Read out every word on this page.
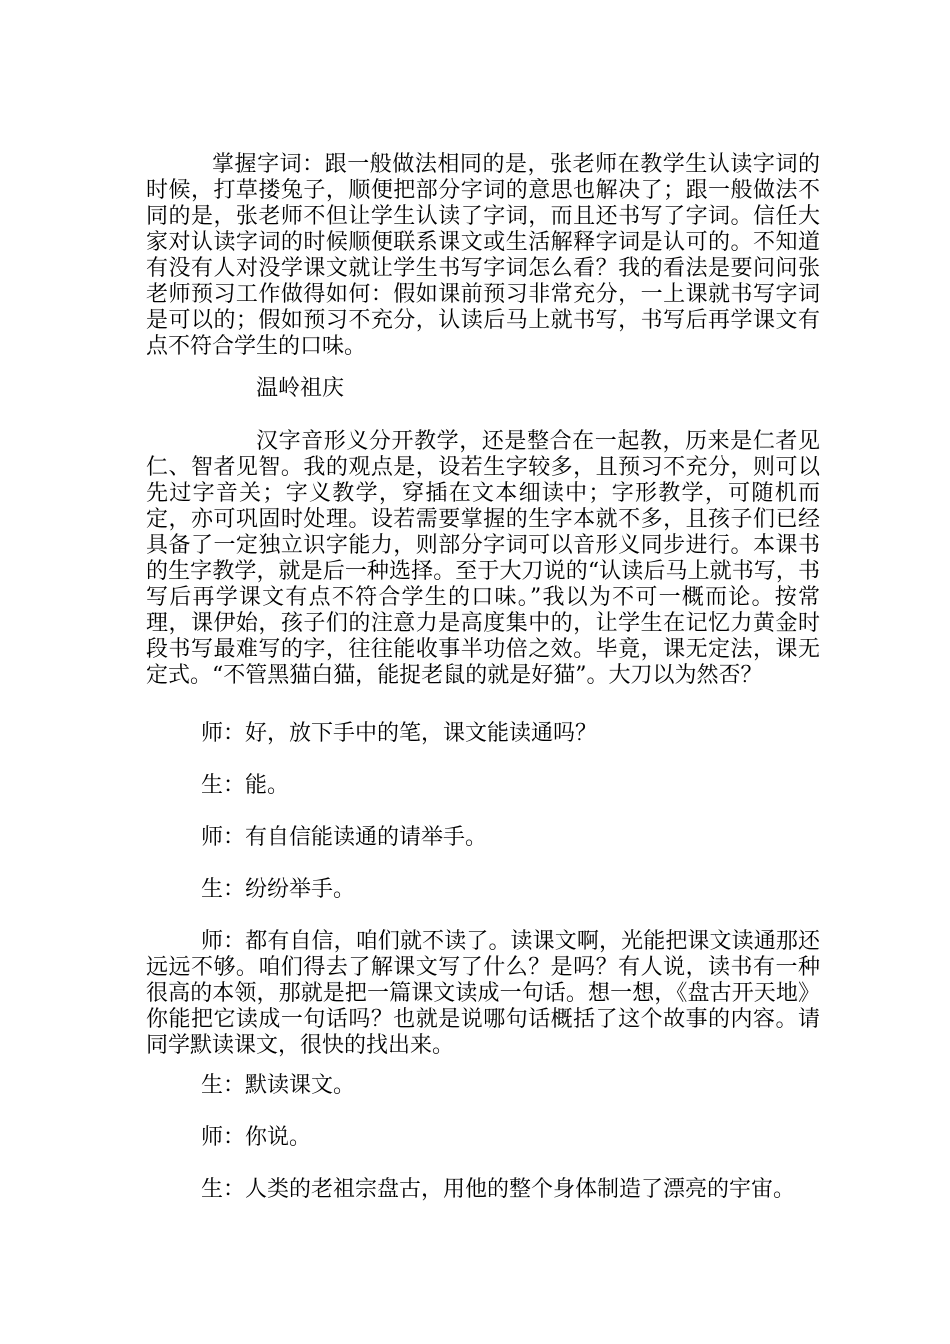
掌握字词：跟一般做法相同的是，张老师在教学生认读字词的时候，打草搂兔子，顺便把部分字词的意思也解决了；跟一般做法不同的是，张老师不但让学生认读了字词，而且还书写了字词。信任大家对认读字词的时候顺便联系课文或生活解释字词是认可的。不知道有没有人对没学课文就让学生书写字词怎么看？我的看法是要问问张老师预习工作做得如何：假如课前预习非常充分，一上课就书写字词是可以的；假如预习不充分，认读后马上就书写，书写后再学课文有点不符合学生的口味。

温岭祖庆

汉字音形义分开教学，还是整合在一起教，历来是仁者见仁、智者见智。我的观点是，设若生字较多，且预习不充分，则可以先过字音关；字义教学，穿插在文本细读中；字形教学，可随机而定，亦可巩固时处理。设若需要掌握的生字本就不多，且孩子们已经具备了一定独立识字能力，则部分字词可以音形义同步进行。本课书的生字教学，就是后一种选择。至于大刀说的“认读后马上就书写，书写后再学课文有点不符合学生的口味。”我以为不可一概而论。按常理，课伊始，孩子们的注意力是高度集中的，让学生在记忆力黄金时段书写最难写的字，往往能收事半功倍之效。毕竟，课无定法，课无定式。“不管黑猫白猫，能捉老鼠的就是好猫”。大刀以为然否？

师：好，放下手中的笔，课文能读通吗？

生：能。

师：有自信能读通的请举手。

生：纷纷举手。

师：都有自信，咱们就不读了。读课文啊，光能把课文读通那还远远不够。咱们得去了解课文写了什么？是吗？有人说，读书有一种很高的本领，那就是把一篇课文读成一句话。想一想，《盘古开天地》你能把它读成一句话吗？也就是说哪句话概括了这个故事的内容。请同学默读课文，很快的找出来。

生：默读课文。

师：你说。

生：人类的老祖宗盘古，用他的整个身体制造了漂亮的宇宙。
